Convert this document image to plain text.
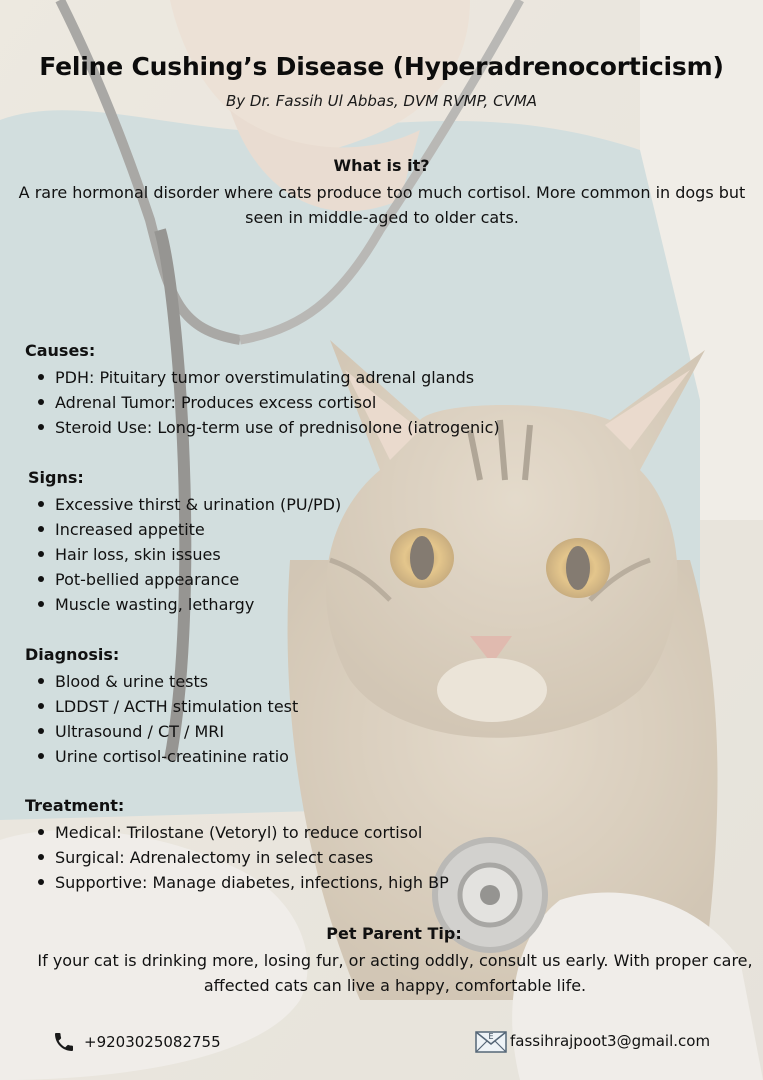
Feline Cushing’s Disease (Hyperadrenocorticism)
By Dr. Fassih Ul Abbas, DVM RVMP, CVMA
What is it?
A rare hormonal disorder where cats produce too much cortisol. More common in dogs but seen in middle-aged to older cats.
Causes:
PDH: Pituitary tumor overstimulating adrenal glands
Adrenal Tumor: Produces excess cortisol
Steroid Use: Long-term use of prednisolone (iatrogenic)
Signs:
Excessive thirst & urination (PU/PD)
Increased appetite
Hair loss, skin issues
Pot-bellied appearance
Muscle wasting, lethargy
Diagnosis:
Blood & urine tests
LDDST / ACTH stimulation test
Ultrasound / CT / MRI
Urine cortisol-creatinine ratio
Treatment:
Medical: Trilostane (Vetoryl) to reduce cortisol
Surgical: Adrenalectomy in select cases
Supportive: Manage diabetes, infections, high BP
Pet Parent Tip:
If your cat is drinking more, losing fur, or acting oddly, consult us early. With proper care, affected cats can live a happy, comfortable life.
+9203025082755	E fassihrajpoot3@gmail.com
